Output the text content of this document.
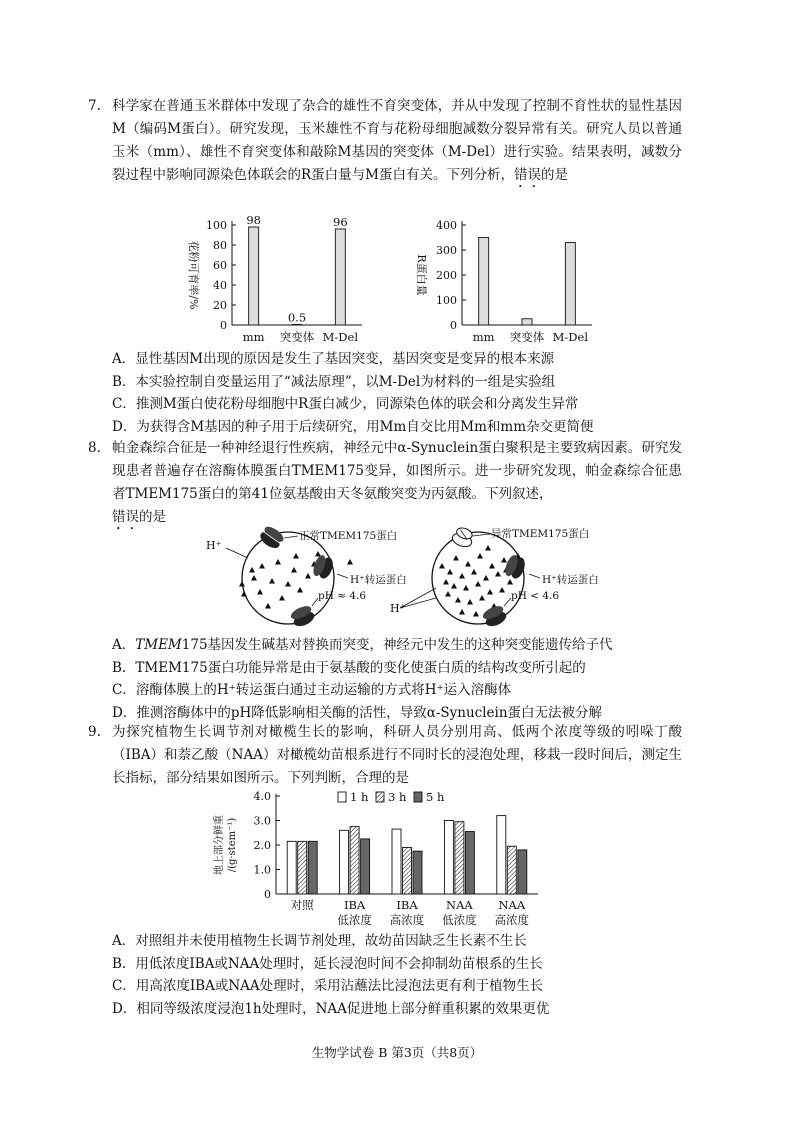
7. 科学家在普通玉米群体中发现了杂合的雄性不育突变体，并从中发现了控制不育性状的显性基因M（编码M蛋白）。研究发现，玉米雄性不育与花粉母细胞减数分裂异常有关。研究人员以普通玉米（mm）、雄性不育突变体和敲除M基因的突变体（M-Del）进行实验。结果表明，减数分裂过程中影响同源染色体联会的R蛋白量与M蛋白有关。下列分析，错误的是

0
20
40
60
80
100
花粉可育率/%
mm
98
突变体
0.5
M-Del
96
0
100
200
300
400
R蛋白量
mm 突变体 M-Del

A．显性基因M出现的原因是发生了基因突变，基因突变是变异的根本来源

B．本实验控制自变量运用了“减法原理”，以M-Del为材料的一组是实验组

C．推测M蛋白使花粉母细胞中R蛋白减少，同源染色体的联会和分离发生异常

D．为获得含M基因的种子用于后续研究，用Mm自交比用Mm和mm杂交更简便

8. 帕金森综合征是一种神经退行性疾病，神经元中α-Synuclein蛋白聚积是主要致病因素。研究发现患者普遍存在溶酶体膜蛋白TMEM175变异，如图所示。进一步研究发现，帕金森综合征患者TMEM175蛋白的第41位氨基酸由天冬氨酸突变为丙氨酸。下列叙述，
错误的是

H⁺
正常TMEM175蛋白
H⁺转运蛋白
pH ≈ 4.6
异常TMEM175蛋白
H⁺转运蛋白
pH < 4.6
H⁺

A．TMEM175基因发生碱基对替换而突变，神经元中发生的这种突变能遗传给子代

B．TMEM175蛋白功能异常是由于氨基酸的变化使蛋白质的结构改变所引起的

C．溶酶体膜上的H⁺转运蛋白通过主动运输的方式将H⁺运入溶酶体

D．推测溶酶体中的pH降低影响相关酶的活性，导致α-Synuclein蛋白无法被分解

9. 为探究植物生长调节剂对橄榄生长的影响，科研人员分别用高、低两个浓度等级的吲哚丁酸（IBA）和萘乙酸（NAA）对橄榄幼苗根系进行不同时长的浸泡处理，移栽一段时间后，测定生长指标，部分结果如图所示。下列判断，合理的是

0
1.0
2.0
3.0
4.0
地上部分鲜重 /(g·stem⁻¹)
对照	IBA
低浓度
IBA
高浓度
NAA
低浓度
NAA
高浓度
1 h 3 h 5 h

A．对照组并未使用植物生长调节剂处理，故幼苗因缺乏生长素不生长

B．用低浓度IBA或NAA处理时，延长浸泡时间不会抑制幼苗根系的生长

C．用高浓度IBA或NAA处理时，采用沾蘸法比浸泡法更有利于植物生长

D．相同等级浓度浸泡1h处理时，NAA促进地上部分鲜重积累的效果更优

生物学试卷 B 第3页（共8页）
